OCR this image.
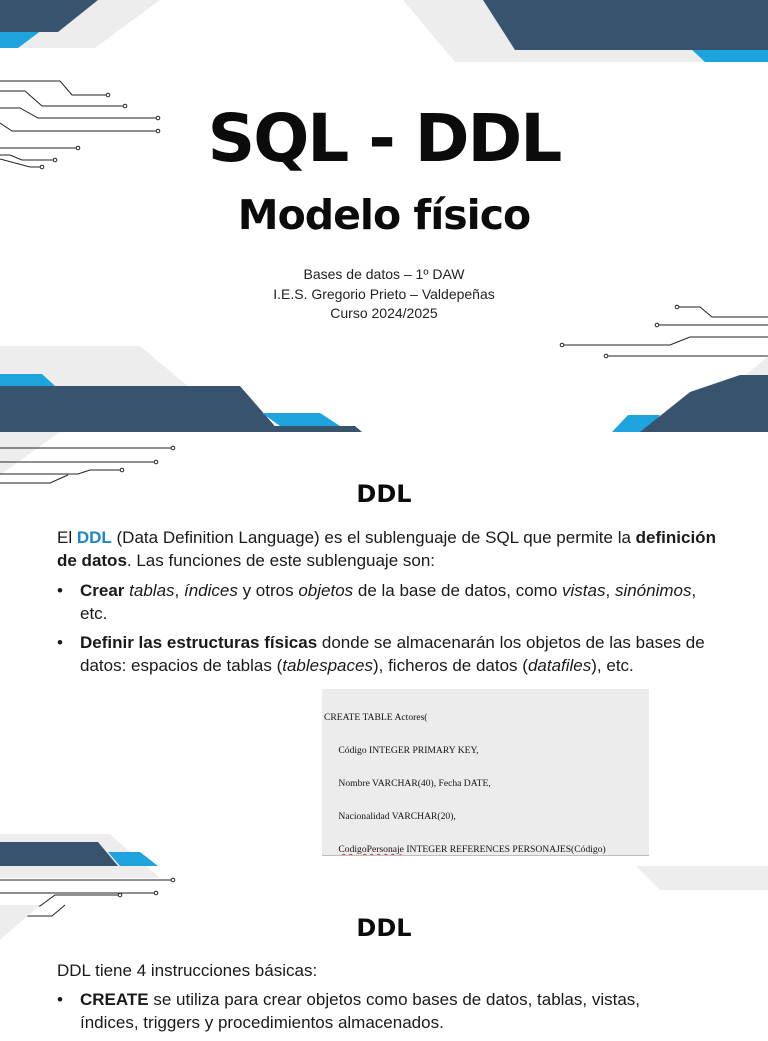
SQL - DDL
Modelo físico
Bases de datos – 1º DAW
I.E.S. Gregorio Prieto – Valdepeñas
Curso 2024/2025
DDL
El DDL (Data Definition Language) es el sublenguaje de SQL que permite la definición de datos. Las funciones de este sublenguaje son:
• Crear tablas, índices y otros objetos de la base de datos, como vistas, sinónimos, etc.
• Definir las estructuras físicas donde se almacenarán los objetos de las bases de datos: espacios de tablas (tablespaces), ficheros de datos (datafiles), etc.

CREATE TABLE Actores(

Código INTEGER PRIMARY KEY,

Nombre VARCHAR(40), Fecha DATE,

Nacionalidad VARCHAR(20),

CodigoPersonaje INTEGER REFERENCES PERSONAJES(Código)

DDL
DDL tiene 4 instrucciones básicas:
• CREATE se utiliza para crear objetos como bases de datos, tablas, vistas,
índices, triggers y procedimientos almacenados.
